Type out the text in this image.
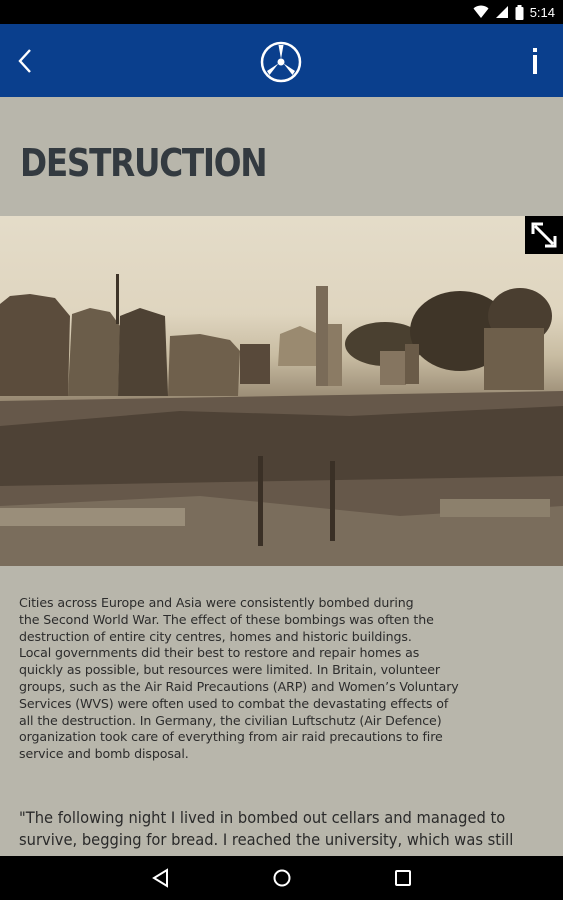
5:14
DESTRUCTION
Cities across Europe and Asia were consistently bombed during
the Second World War. The effect of these bombings was often the
destruction of entire city centres, homes and historic buildings.
Local governments did their best to restore and repair homes as
quickly as possible, but resources were limited. In Britain, volunteer
groups, such as the Air Raid Precautions (ARP) and Women’s Voluntary
Services (WVS) were often used to combat the devastating effects of
all the destruction. In Germany, the civilian Luftschutz (Air Defence)
organization took care of everything from air raid precautions to fire
service and bomb disposal.
"The following night I lived in bombed out cellars and managed to
survive, begging for bread. I reached the university, which was still
